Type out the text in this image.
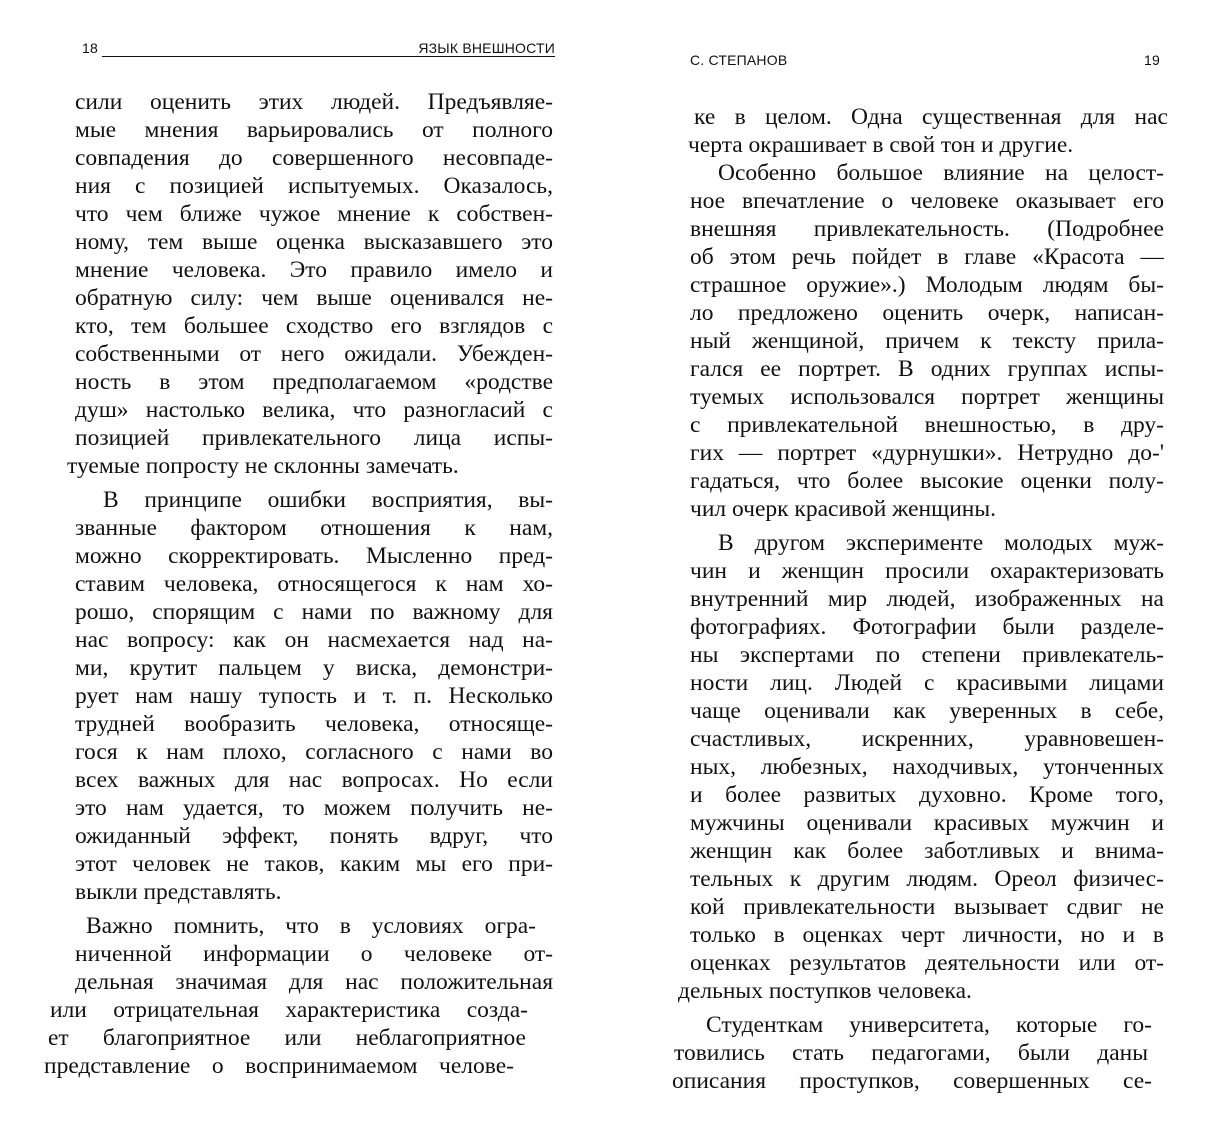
18	ЯЗЫК ВНЕШНОСТИ
сили оценить этих людей. Предъявляе-
мые мнения варьировались от полного
совпадения до совершенного несовпаде-
ния с позицией испытуемых. Оказалось,
что чем ближе чужое мнение к собствен-
ному, тем выше оценка высказавшего это
мнение человека. Это правило имело и
обратную силу: чем выше оценивался не-
кто, тем большее сходство его взглядов с
собственными от него ожидали. Убежден-
ность в этом предполагаемом «родстве
душ» настолько велика, что разногласий с
позицией привлекательного лица испы-
туемые попросту не склонны замечать.
В принципе ошибки восприятия, вы-
званные фактором отношения к нам,
можно скорректировать. Мысленно пред-
ставим человека, относящегося к нам хо-
рошо, спорящим с нами по важному для
нас вопросу: как он насмехается над на-
ми, крутит пальцем у виска, демонстри-
рует нам нашу тупость и т. п. Несколько
трудней вообразить человека, относяще-
гося к нам плохо, согласного с нами во
всех важных для нас вопросах. Но если
это нам удается, то можем получить не-
ожиданный эффект, понять вдруг, что
этот человек не таков, каким мы его при-
выкли представлять.
Важно помнить, что в условиях огра-
ниченной информации о человеке от-
дельная значимая для нас положительная
или отрицательная характеристика созда-
ет благоприятное или неблагоприятное
представление о воспринимаемом челове-
С. СТЕПАНОВ	19
ке в целом. Одна существенная для нас
черта окрашивает в свой тон и другие.
Особенно большое влияние на целост-
ное впечатление о человеке оказывает его
внешняя привлекательность. (Подробнее
об этом речь пойдет в главе «Красота —
страшное оружие».) Молодым людям бы-
ло предложено оценить очерк, написан-
ный женщиной, причем к тексту прила-
гался ее портрет. В одних группах испы-
туемых использовался портрет женщины
с привлекательной внешностью, в дру-
гих — портрет «дурнушки». Нетрудно до-'
гадаться, что более высокие оценки полу-
чил очерк красивой женщины.
В другом эксперименте молодых муж-
чин и женщин просили охарактеризовать
внутренний мир людей, изображенных на
фотографиях. Фотографии были разделе-
ны экспертами по степени привлекатель-
ности лиц. Людей с красивыми лицами
чаще оценивали как уверенных в себе,
счастливых, искренних, уравновешен-
ных, любезных, находчивых, утонченных
и более развитых духовно. Кроме того,
мужчины оценивали красивых мужчин и
женщин как более заботливых и внима-
тельных к другим людям. Ореол физичес-
кой привлекательности вызывает сдвиг не
только в оценках черт личности, но и в
оценках результатов деятельности или от-
дельных поступков человека.
Студенткам университета, которые го-
товились стать педагогами, были даны
описания проступков, совершенных се-
